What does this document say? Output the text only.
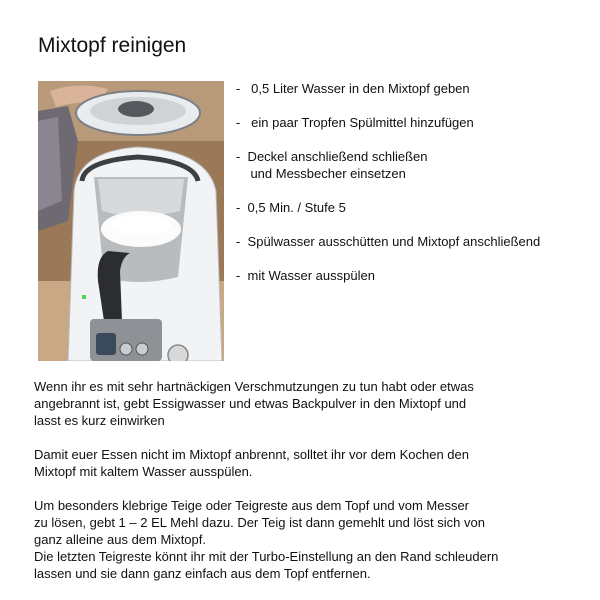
Mixtopf reinigen
-   0,5 Liter Wasser in den Mixtopf geben
-   ein paar Tropfen Spülmittel hinzufügen
-  Deckel anschließend schließen
und Messbecher einsetzen
-  0,5 Min. / Stufe 5
-  Spülwasser ausschütten und Mixtopf anschließend
-  mit Wasser ausspülen

Wenn ihr es mit sehr hartnäckigen Verschmutzungen zu tun habt oder etwas
angebrannt ist, gebt Essigwasser und etwas Backpulver in den Mixtopf und
lasst es kurz einwirken

Damit euer Essen nicht im Mixtopf anbrennt, solltet ihr vor dem Kochen den
Mixtopf mit kaltem Wasser ausspülen.

Um besonders klebrige Teige oder Teigreste aus dem Topf und vom Messer
zu lösen, gebt 1 – 2 EL Mehl dazu. Der Teig ist dann gemehlt und löst sich von
ganz alleine aus dem Mixtopf.
Die letzten Teigreste könnt ihr mit der Turbo-Einstellung an den Rand schleudern
lassen und sie dann ganz einfach aus dem Topf entfernen.
